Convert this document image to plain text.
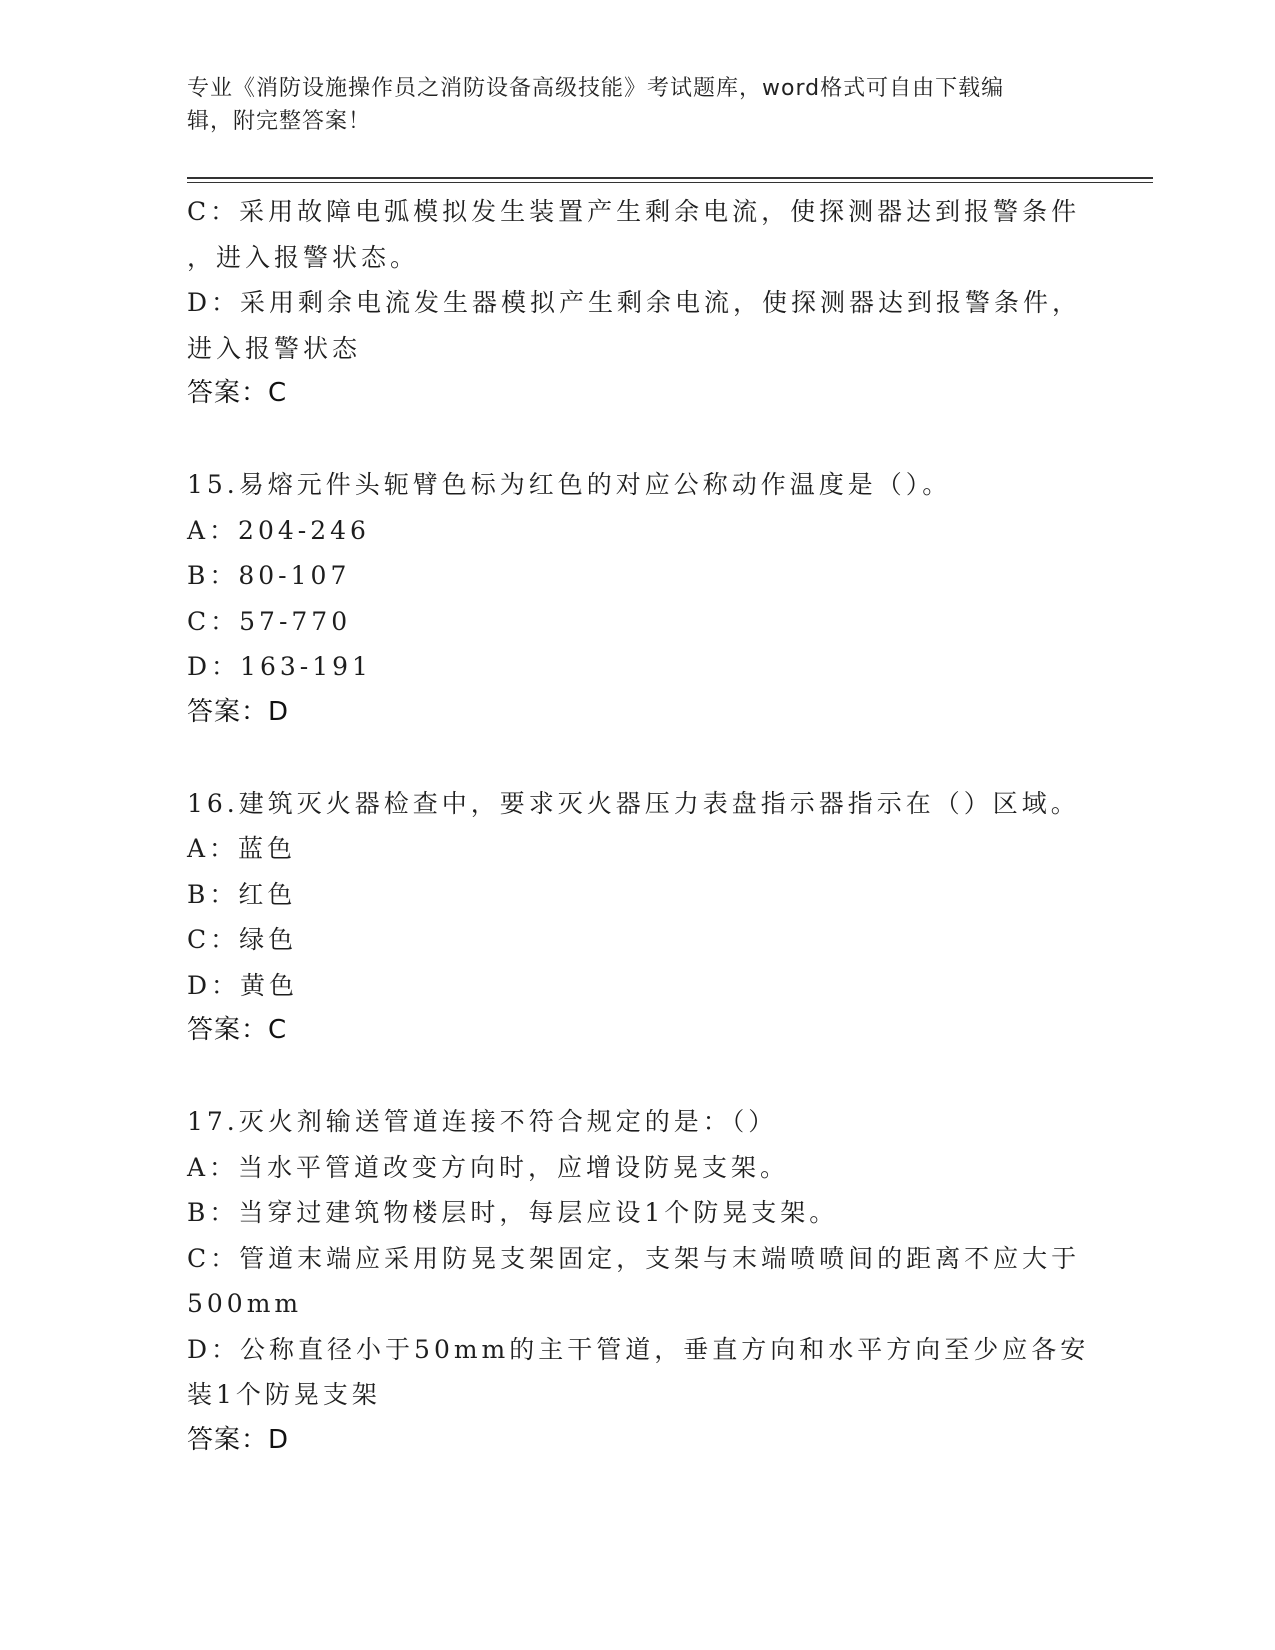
专业《消防设施操作员之消防设备高级技能》考试题库，word格式可自由下载编
辑，附完整答案！
C：采用故障电弧模拟发生装置产生剩余电流，使探测器达到报警条件
，进入报警状态。
D：采用剩余电流发生器模拟产生剩余电流，使探测器达到报警条件，
进入报警状态
答案：C
15.易熔元件头轭臂色标为红色的对应公称动作温度是（）。
A：204-246
B：80-107
C：57-770
D：163-191
答案：D
16.建筑灭火器检查中，要求灭火器压力表盘指示器指示在（）区域。
A：蓝色
B：红色
C：绿色
D：黄色
答案：C
17.灭火剂输送管道连接不符合规定的是：（）
A：当水平管道改变方向时，应增设防晃支架。
B：当穿过建筑物楼层时，每层应设1个防晃支架。
C：管道末端应采用防晃支架固定，支架与末端喷喷间的距离不应大于
500mm
D：公称直径小于50mm的主干管道，垂直方向和水平方向至少应各安
装1个防晃支架
答案：D
